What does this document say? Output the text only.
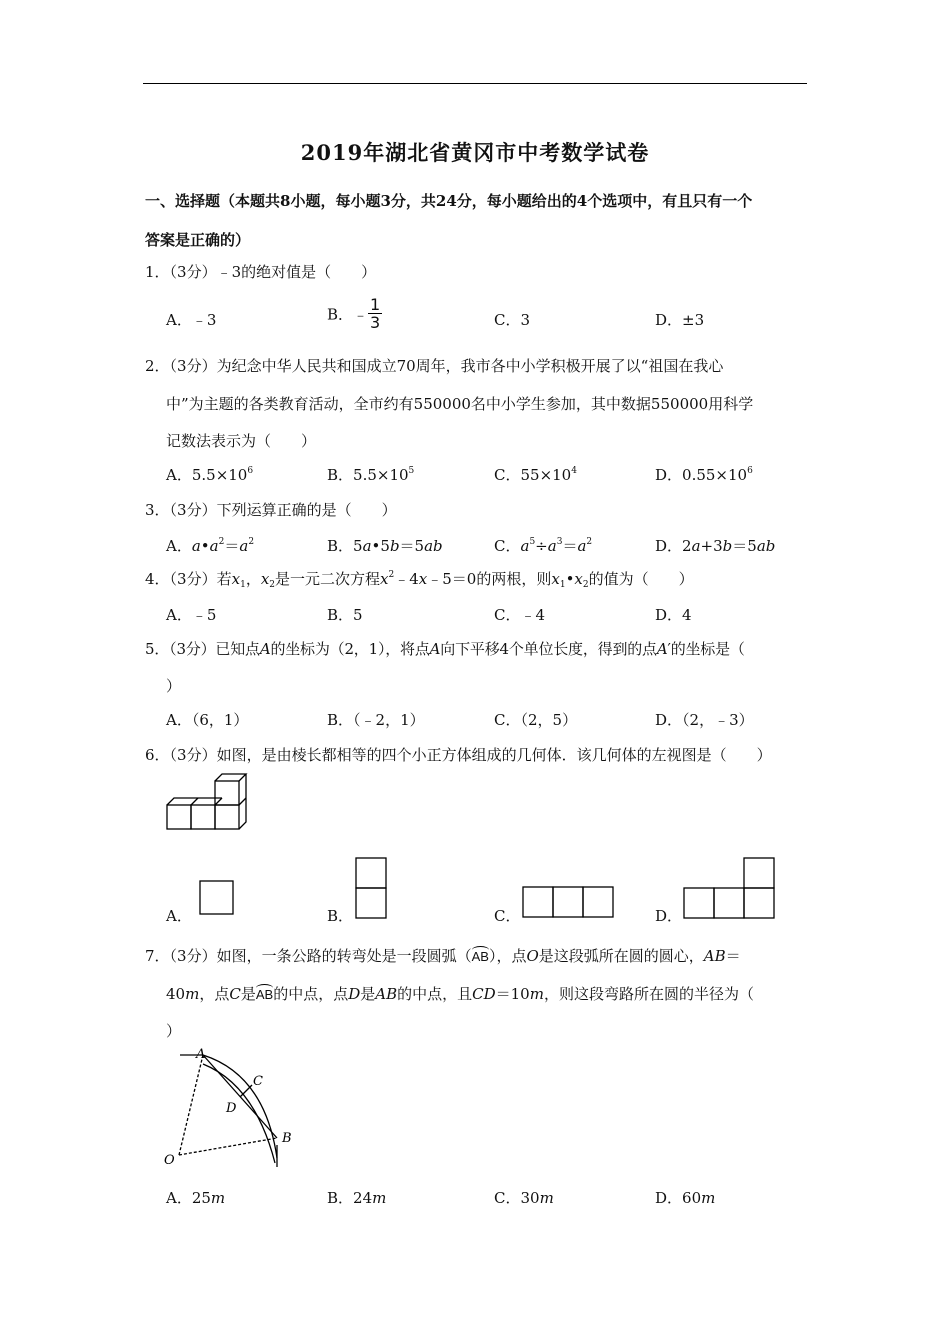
2019年湖北省黄冈市中考数学试卷
一、选择题（本题共8小题，每小题3分，共24分，每小题给出的4个选项中，有且只有一个
答案是正确的）
1．（3分）﹣3的绝对值是（　　）
A．﹣3	B．﹣ $\frac{1}{3}$	C．3	D．±3
2．（3分）为纪念中华人民共和国成立70周年，我市各中小学积极开展了以“祖国在我心
中”为主题的各类教育活动，全市约有550000名中小学生参加，其中数据550000用科学
记数法表示为（　　）
A．$5.5\times 10^6$	B．$5.5\times 10^5$	C．$55\times 10^4$	D．$0.55\times 10^6$
3．（3分）下列运算正确的是（　　）
A．$a•a^2=a^2$	B．5a•5b＝5ab	C．$a^5\div a^3=a^2$	D．2a+3b＝5ab
4．（3分）若$x_1$，$x_2$是一元二次方程$x^2﹣4x﹣5=0$的两根，则$x_1•x_2$的值为（　　）
A．﹣5	B．5	C．﹣4	D．4
5．（3分）已知点A的坐标为（2，1），将点A向下平移4个单位长度，得到的点A′的坐标是（
）
A．（6，1）	B．（﹣2，1）	C．（2，5）	D．（2，﹣3）
6．（3分）如图，是由棱长都相等的四个小正方体组成的几何体．该几何体的左视图是（　　）
A．	B．	C．	D．
7．（3分）如图，一条公路的转弯处是一段圆弧（AB），点O是这段弧所在圆的圆心，AB＝
40m，点C是AB的中点，点D是AB的中点，且CD＝10m，则这段弯路所在圆的半径为（
）
A
C
D
B
O
A．25m	B．24m	C．30m	D．60m
